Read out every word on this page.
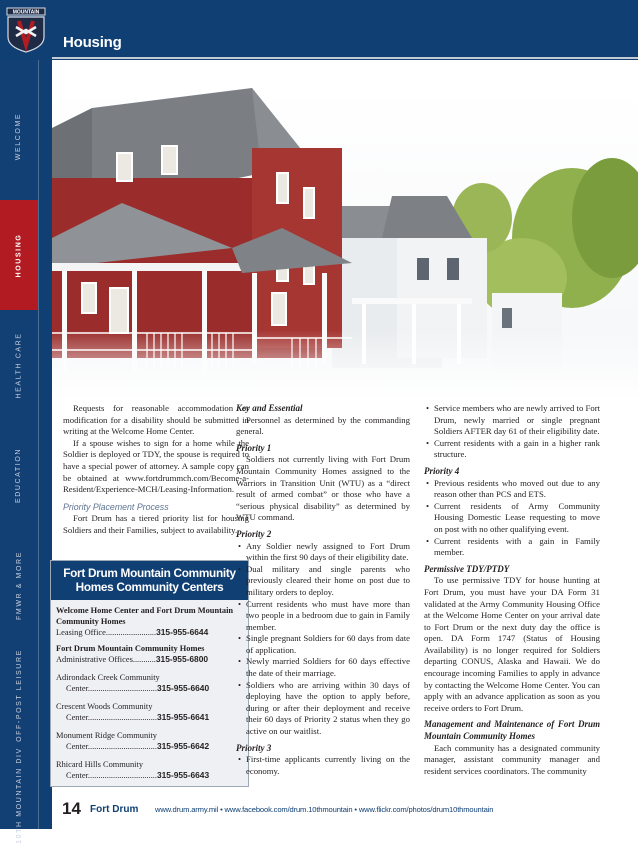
Housing
MOUNTAIN
WELCOME
HOUSING
HEALTH CARE
EDUCATION
FMWR & MORE
OFF-POST LEISURE
10TH MOUNTAIN DIV

Requests for reasonable accommodation or modification for a disability should be submitted in writing at the Welcome Home Center.

If a spouse wishes to sign for a home while the Soldier is deployed or TDY, the spouse is required to have a special power of attorney. A sample copy can be obtained at www.fortdrummch.com/Become-a-Resident/Experience-MCH/Leasing-Information.

Priority Placement Process

Fort Drum has a tiered priority list for housing Soldiers and their Families, subject to availability.

Fort Drum Mountain Community Homes Community Centers

Welcome Home Center and Fort Drum Mountain Community Homes

Leasing Office........................315-955-6644

Fort Drum Mountain Community Homes

Administrative Offices...........315-955-6800

Adirondack Creek Community

Center.................................315-955-6640

Crescent Woods Community

Center.................................315-955-6641

Monument Ridge Community

Center.................................315-955-6642

Rhicard Hills Community

Center.................................315-955-6643

Key and Essential

Personnel as determined by the commanding general.

Priority 1

Soldiers not currently living with Fort Drum Mountain Community Homes assigned to the Warriors in Transition Unit (WTU) as a “direct result of armed combat” or those who have a “serious physical disability” as determined by WTU command.

Priority 2

• Any Soldier newly assigned to Fort Drum within the first 90 days of their eligibility date.
• Dual military and single parents who previously cleared their home on post due to military orders to deploy.
• Current residents who must have more than two people in a bedroom due to gain in Family member.
• Single pregnant Soldiers for 60 days from date of application.
• Newly married Soldiers for 60 days effective the date of their marriage.
• Soldiers who are arriving within 30 days of deploying have the option to apply before, during or after their deployment and receive their 60 days of Priority 2 status when they go active on our waitlist.

Priority 3

• First-time applicants currently living on the economy.
• Service members who are newly arrived to Fort Drum, newly married or single pregnant Soldiers AFTER day 61 of their eligibility date.
• Current residents with a gain in a higher rank structure.

Priority 4

• Previous residents who moved out due to any reason other than PCS and ETS.
• Current residents of Army Community Housing Domestic Lease requesting to move on post with no other qualifying event.
• Current residents with a gain in Family member.

Permissive TDY/PTDY

To use permissive TDY for house hunting at Fort Drum, you must have your DA Form 31 validated at the Army Community Housing Office at the Welcome Home Center on your arrival date to Fort Drum or the next duty day the office is open. DA Form 1747 (Status of Housing Availability) is no longer required for Soldiers departing CONUS, Alaska and Hawaii. We do encourage incoming Families to apply in advance by contacting the Welcome Home Center. You can apply with an advance application as soon as you receive orders to Fort Drum.

Management and Maintenance of Fort Drum Mountain Community Homes

Each community has a designated community manager, assistant community manager and resident services coordinators. The community

14 Fort Drum www.drum.army.mil • www.facebook.com/drum.10thmountain • www.flickr.com/photos/drum10thmountain
